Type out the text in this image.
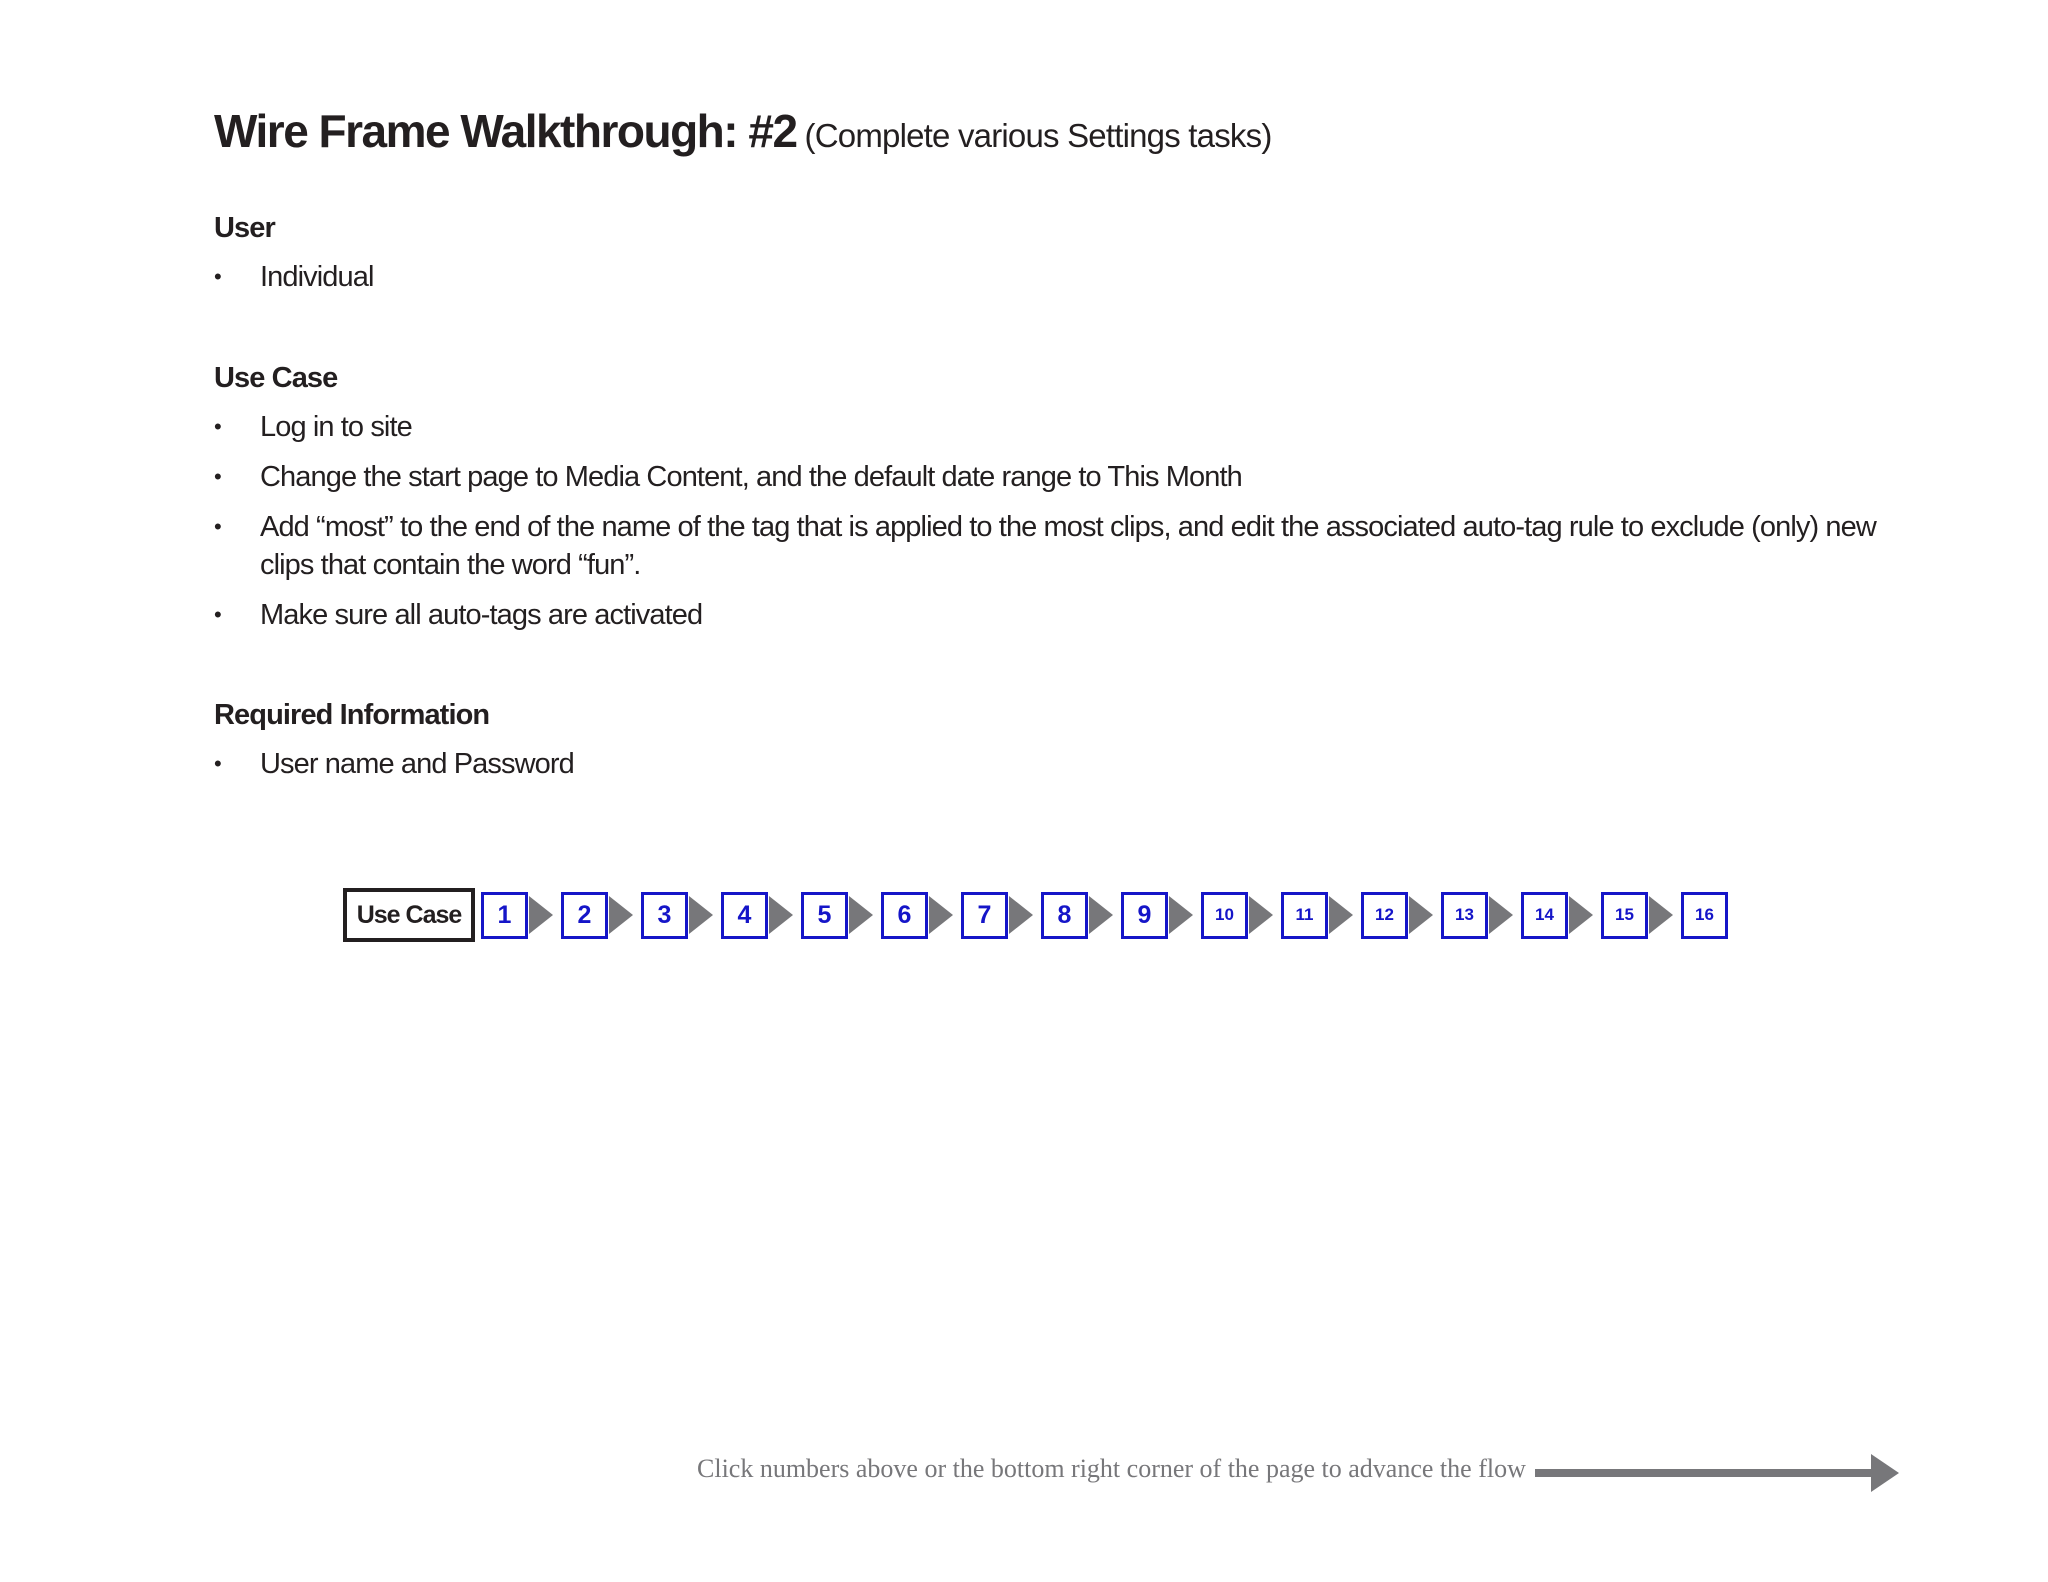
Wire Frame Walkthrough: #2 (Complete various Settings tasks)
User
• Individual
Use Case
• Log in to site
• Change the start page to Media Content, and the default date range to This Month
• Add “most” to the end of the name of the tag that is applied to the most clips, and edit the associated auto-tag rule to exclude (only) new clips that contain the word “fun”.
• Make sure all auto-tags are activated
Required Information
• User name and Password
Use Case	1	2	3	4	5	6	7	8	9	10	11	12	13	14	15	16
Click numbers above or the bottom right corner of the page to advance the flow
